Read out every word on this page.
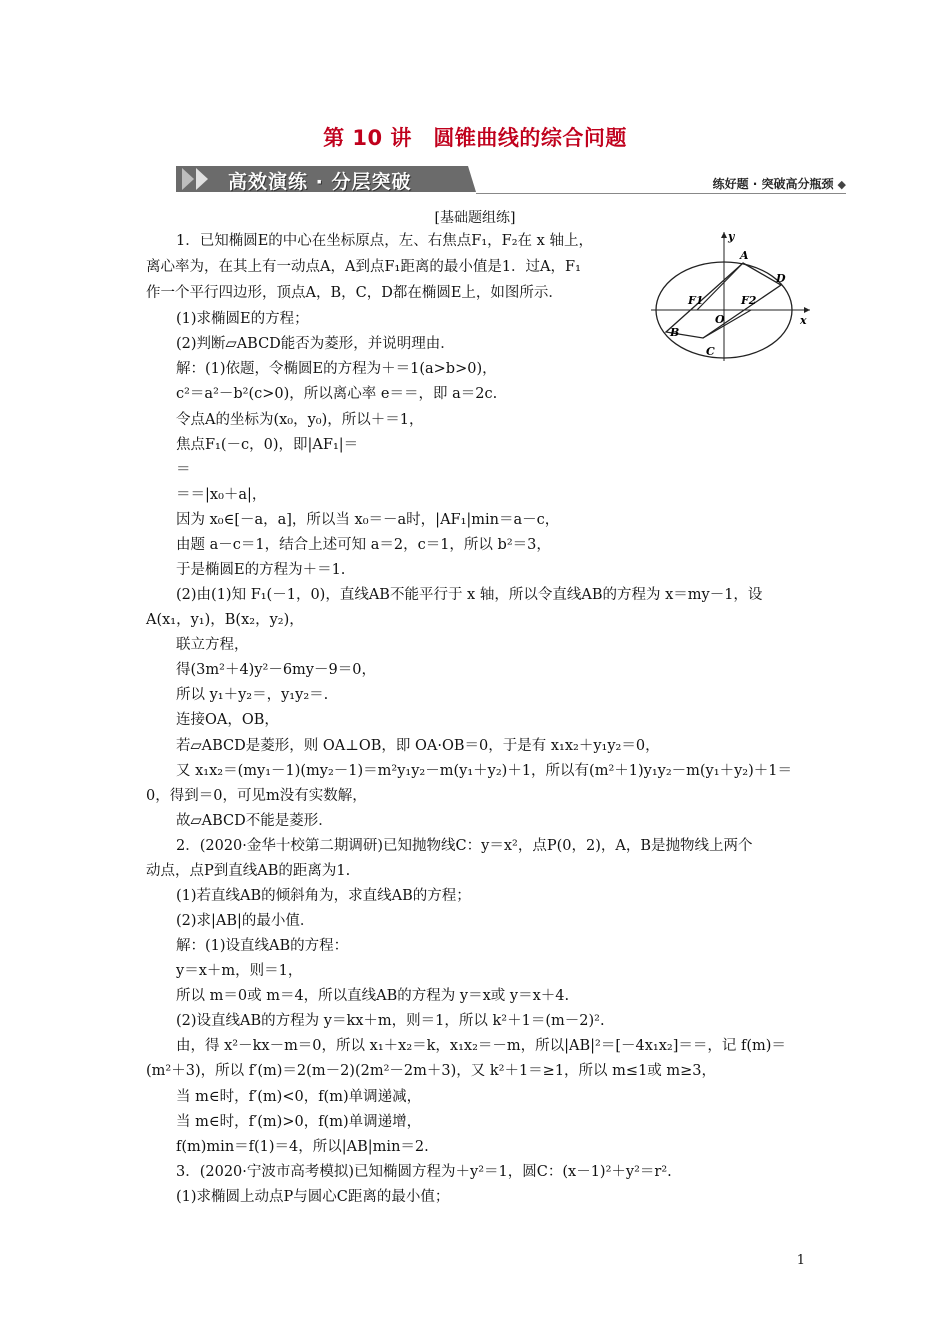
第 10 讲　圆锥曲线的综合问题
高效演练 · 分层突破	练好题 · 突破高分瓶颈 ◆
[基础题组练]
y
x
A
D
B
C
O
F1	F2
1．已知椭圆E的中心在坐标原点，左、右焦点F₁，F₂在 x 轴上，
离心率为，在其上有一动点A，A到点F₁距离的最小值是1．过A，F₁
作一个平行四边形，顶点A，B，C，D都在椭圆E上，如图所示．
(1)求椭圆E的方程；
(2)判断▱ABCD能否为菱形，并说明理由．
解：(1)依题，令椭圆E的方程为＋＝1(a>b>0)，
c²＝a²－b²(c>0)，所以离心率 e＝＝，即 a＝2c.
令点A的坐标为(x₀，y₀)，所以＋＝1，
焦点F₁(－c，0)，即|AF₁|＝
＝
＝＝|x₀＋a|，
因为 x₀∈[－a，a]，所以当 x₀＝－a时，|AF₁|min＝a－c，
由题 a－c＝1，结合上述可知 a＝2，c＝1，所以 b²＝3，
于是椭圆E的方程为＋＝1.
(2)由(1)知 F₁(－1，0)，直线AB不能平行于 x 轴，所以令直线AB的方程为 x＝my－1，设
A(x₁，y₁)，B(x₂，y₂)，
联立方程，
得(3m²＋4)y²－6my－9＝0，
所以 y₁＋y₂＝，y₁y₂＝.
连接OA，OB，
若▱ABCD是菱形，则 OA⊥OB，即 OA·OB＝0，于是有 x₁x₂＋y₁y₂＝0，
又 x₁x₂＝(my₁－1)(my₂－1)＝m²y₁y₂－m(y₁＋y₂)＋1，所以有(m²＋1)y₁y₂－m(y₁＋y₂)＋1＝
0，得到＝0，可见m没有实数解，
故▱ABCD不能是菱形．
2．(2020·金华十校第二期调研)已知抛物线C：y＝x²，点P(0，2)，A，B是抛物线上两个
动点，点P到直线AB的距离为1.
(1)若直线AB的倾斜角为，求直线AB的方程；
(2)求|AB|的最小值．
解：(1)设直线AB的方程：
y＝x＋m，则＝1，
所以 m＝0或 m＝4，所以直线AB的方程为 y＝x或 y＝x＋4.
(2)设直线AB的方程为 y＝kx＋m，则＝1，所以 k²＋1＝(m－2)².
由，得 x²－kx－m＝0，所以 x₁＋x₂＝k，x₁x₂＝－m，所以|AB|²＝[－4x₁x₂]＝＝，记 f(m)＝
(m²＋3)，所以 f′(m)＝2(m－2)(2m²－2m＋3)，又 k²＋1＝≥1，所以 m≤1或 m≥3，
当 m∈时，f′(m)<0，f(m)单调递减，
当 m∈时，f′(m)>0，f(m)单调递增，
f(m)min＝f(1)＝4，所以|AB|min＝2.
3．(2020·宁波市高考模拟)已知椭圆方程为＋y²＝1，圆C：(x－1)²＋y²＝r².
(1)求椭圆上动点P与圆心C距离的最小值；
1
